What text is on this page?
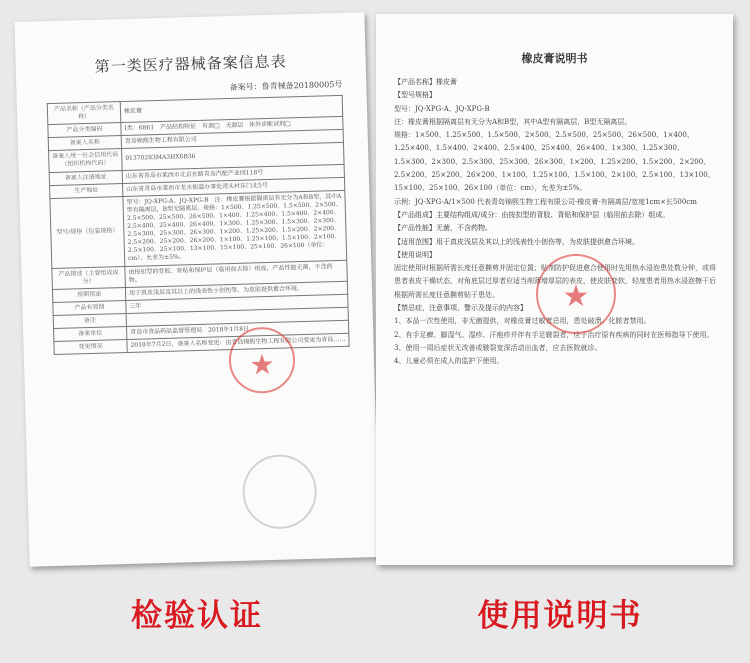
第一类医疗器械备案信息表
备案号：鲁青械备20180005号
产品名称（产品分类名称）	橡皮膏
产品分类编码	Ⅰ类：6861　产品结构特征　有源□　无源☑　体外诊断试剂□
备案人名称	青岛锦熙生物工程有限公司
备案人统一社会信用代码（组织机构代码）	91370283MA3HX6B36
备案人注册地址	山东省青岛市莱西市北京东路青岛汽配产业园118号
生产地址	山东省青岛市莱西市龙水街道办事处湾头村东门北5号
型号/规格（包装规格）	型号：JQ-XPG-A、JQ-XPG-B　注：橡皮膏根据隔离层有无分为A和B型，其中A型有隔离层，B型无隔离层。规格：1×500、1.25×500、1.5×500、2×500、2.5×500、25×500、26×500、1×400、1.25×400、1.5×400、2×400、2.5×400、25×400、26×400、1×300、1.25×300、1.5×300、2×300、2.5×300、25×300、26×300、1×200、1.25×200、1.5×200、2×200、2.5×200、25×200、26×200、1×100、1.25×100、1.5×100、2×100、2.5×100、25×100、13×100、15×100、25×100、26×100（单位：cm），允差为±5%。
产品描述（主要组成成分）	由按扣型的背胶、背贴和保护层（临用前去除）组成，产品性能无菌，不含药物。
预期用途	用于真皮浅层及其以上的浅表性小创伤等，为皮肤提供愈合环境。
产品有效期	三年
备注	
备案单位	青岛市食品药品监督管理局　2018年1月8日
变更情况	2018年7月2日，备案人名称变更：由青岛锦熙生物工程有限公司变更为青岛……
★
橡皮膏说明书

【产品名称】橡皮膏

【型号规格】

型号：JQ-XPG-A、JQ-XPG-B

注：橡皮膏根据隔离层有无分为A和B型，其中A型有隔离层，B型无隔离层。

规格：1×500、1.25×500、1.5×500、2×500、2.5×500、25×500、26×500、1×400、1.25×400、1.5×400、2×400、2.5×400、25×400、26×400、1×300、1.25×300、1.5×300、2×300、2.5×300、25×300、26×300、1×200、1.25×200、1.5×200、2×200、2.5×200、25×200、26×200、1×100、1.25×100、1.5×100、2×100、2.5×100、13×100、15×100、25×100、26×100（单位：cm），允差为±5%。

示例：JQ-XPG-A/1×500 代表青岛锦熙生物工程有限公司-橡皮膏-有隔离层/宽度1cm×长500cm

【产品组成】主要结构组成/成分：由按扣型的背胶、背贴和保护层（临用前去除）组成。

【产品性能】无菌，不含药物。

【适用范围】用于真皮浅层及其以上的浅表性小创伤等，为皮肤提供愈合环境。

【使用说明】

固定使用时根据所需长度任意撕剪并固定位置；贴剂防护促进愈合使用时先用热水浸泡患处数分钟，或将患者表皮干燥状态，对角底层过厚者应适当削薄增厚层的表皮，使皮肤变软，轻度患者用热水浸泡擦干后根据所需长度任意撕剪贴于患处。

【禁忌症、注意事项、警示及提示的内容】

1、本品一次性使用，非无菌提供，对橡皮膏过敏者忌用，患处破溃、化脓者禁用。

2、有手足癣、脚湿气、湿疹、汗疱疹并伴有手足皲裂者，应于治疗原有疾病的同时在医师指导下使用。

3、使用一周后症状无改善或皲裂宽深活动出血者，应去医院就诊。

4、儿童必须在成人的监护下使用。

★
检验认证	使用说明书
